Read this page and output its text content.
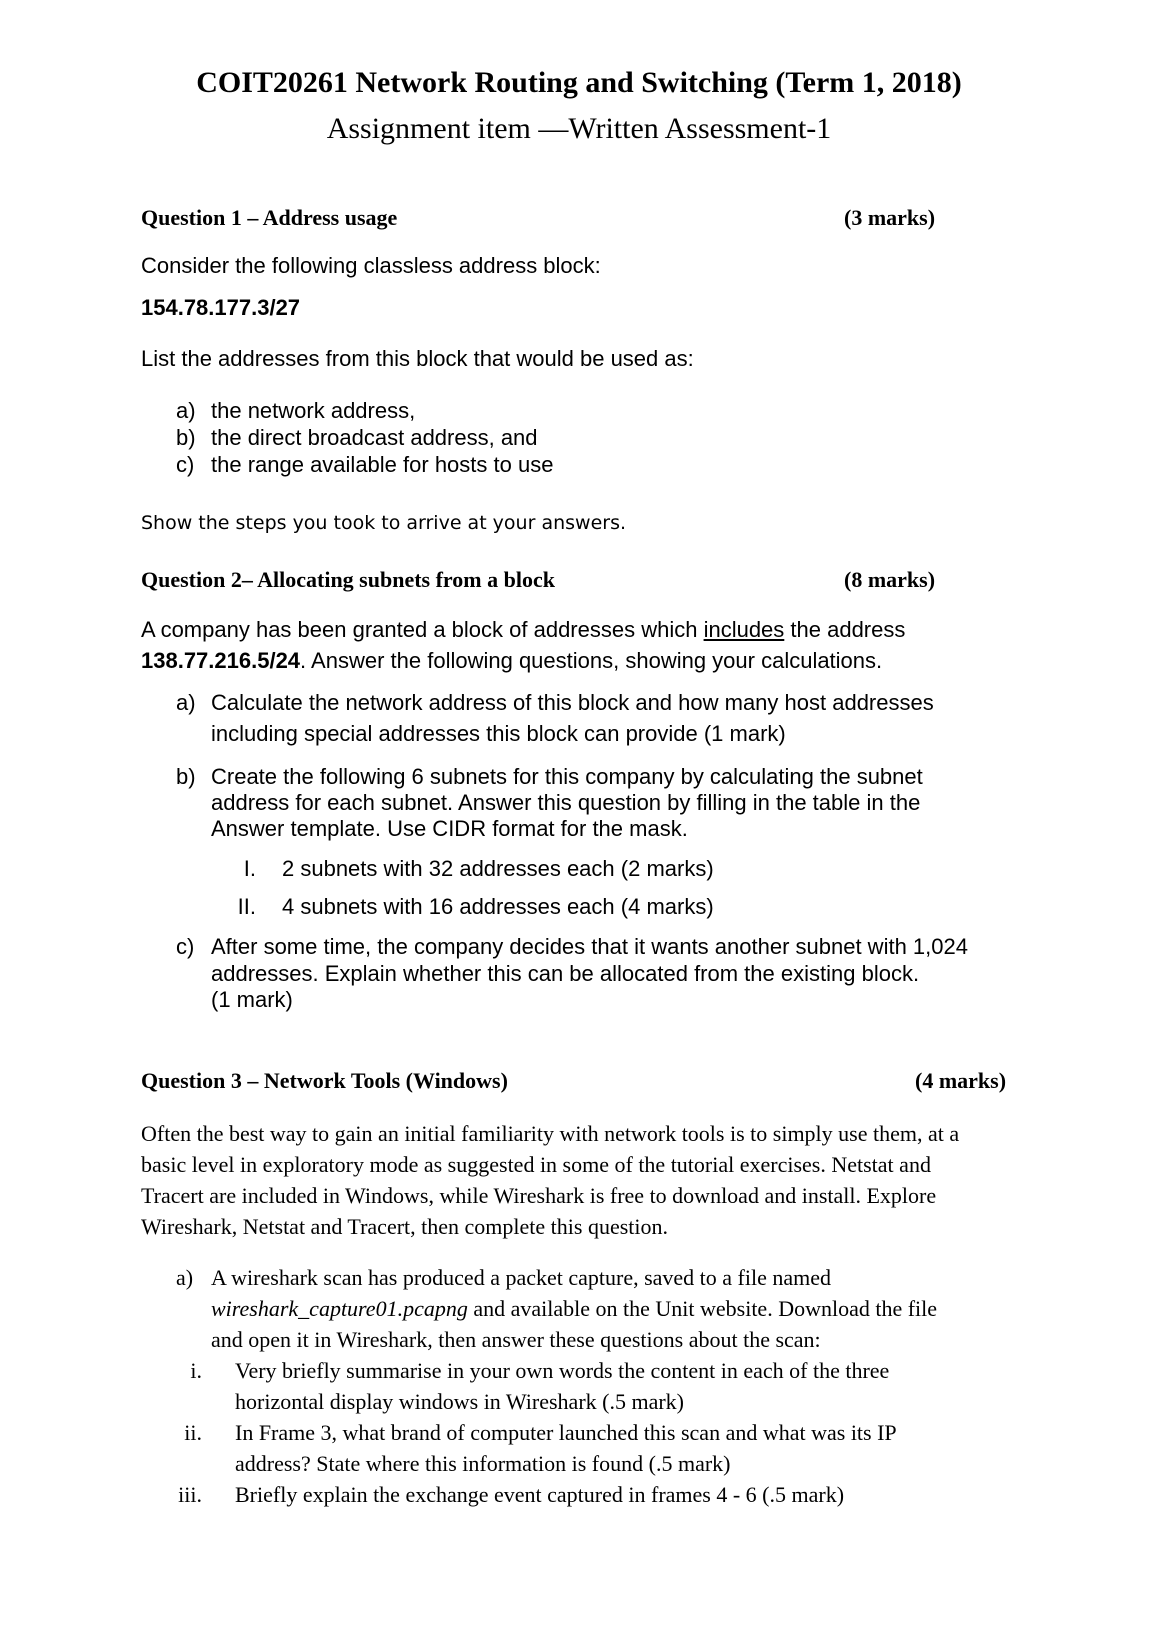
COIT20261 Network Routing and Switching (Term 1, 2018)
Assignment item —Written Assessment-1
Question 1 – Address usage	(3 marks)
Consider the following classless address block:
154.78.177.3/27
List the addresses from this block that would be used as:
a) the network address,
b) the direct broadcast address, and
c) the range available for hosts to use
Show the steps you took to arrive at your answers.
Question 2– Allocating subnets from a block	(8 marks)
A company has been granted a block of addresses which includes the address
138.77.216.5/24. Answer the following questions, showing your calculations.
a) Calculate the network address of this block and how many host addresses
including special addresses this block can provide (1 mark)
b) Create the following 6 subnets for this company by calculating the subnet
address for each subnet. Answer this question by filling in the table in the
Answer template. Use CIDR format for the mask.
I. 2 subnets with 32 addresses each (2 marks)
II. 4 subnets with 16 addresses each (4 marks)
c) After some time, the company decides that it wants another subnet with 1,024
addresses. Explain whether this can be allocated from the existing block.
(1 mark)
Question 3 – Network Tools (Windows)	(4 marks)
Often the best way to gain an initial familiarity with network tools is to simply use them, at a
basic level in exploratory mode as suggested in some of the tutorial exercises. Netstat and
Tracert are included in Windows, while Wireshark is free to download and install. Explore
Wireshark, Netstat and Tracert, then complete this question.
a) A wireshark scan has produced a packet capture, saved to a file named
wireshark_capture01.pcapng and available on the Unit website. Download the file
and open it in Wireshark, then answer these questions about the scan:
i. Very briefly summarise in your own words the content in each of the three
horizontal display windows in Wireshark (.5 mark)
ii. In Frame 3, what brand of computer launched this scan and what was its IP
address? State where this information is found (.5 mark)
iii. Briefly explain the exchange event captured in frames 4 - 6 (.5 mark)
